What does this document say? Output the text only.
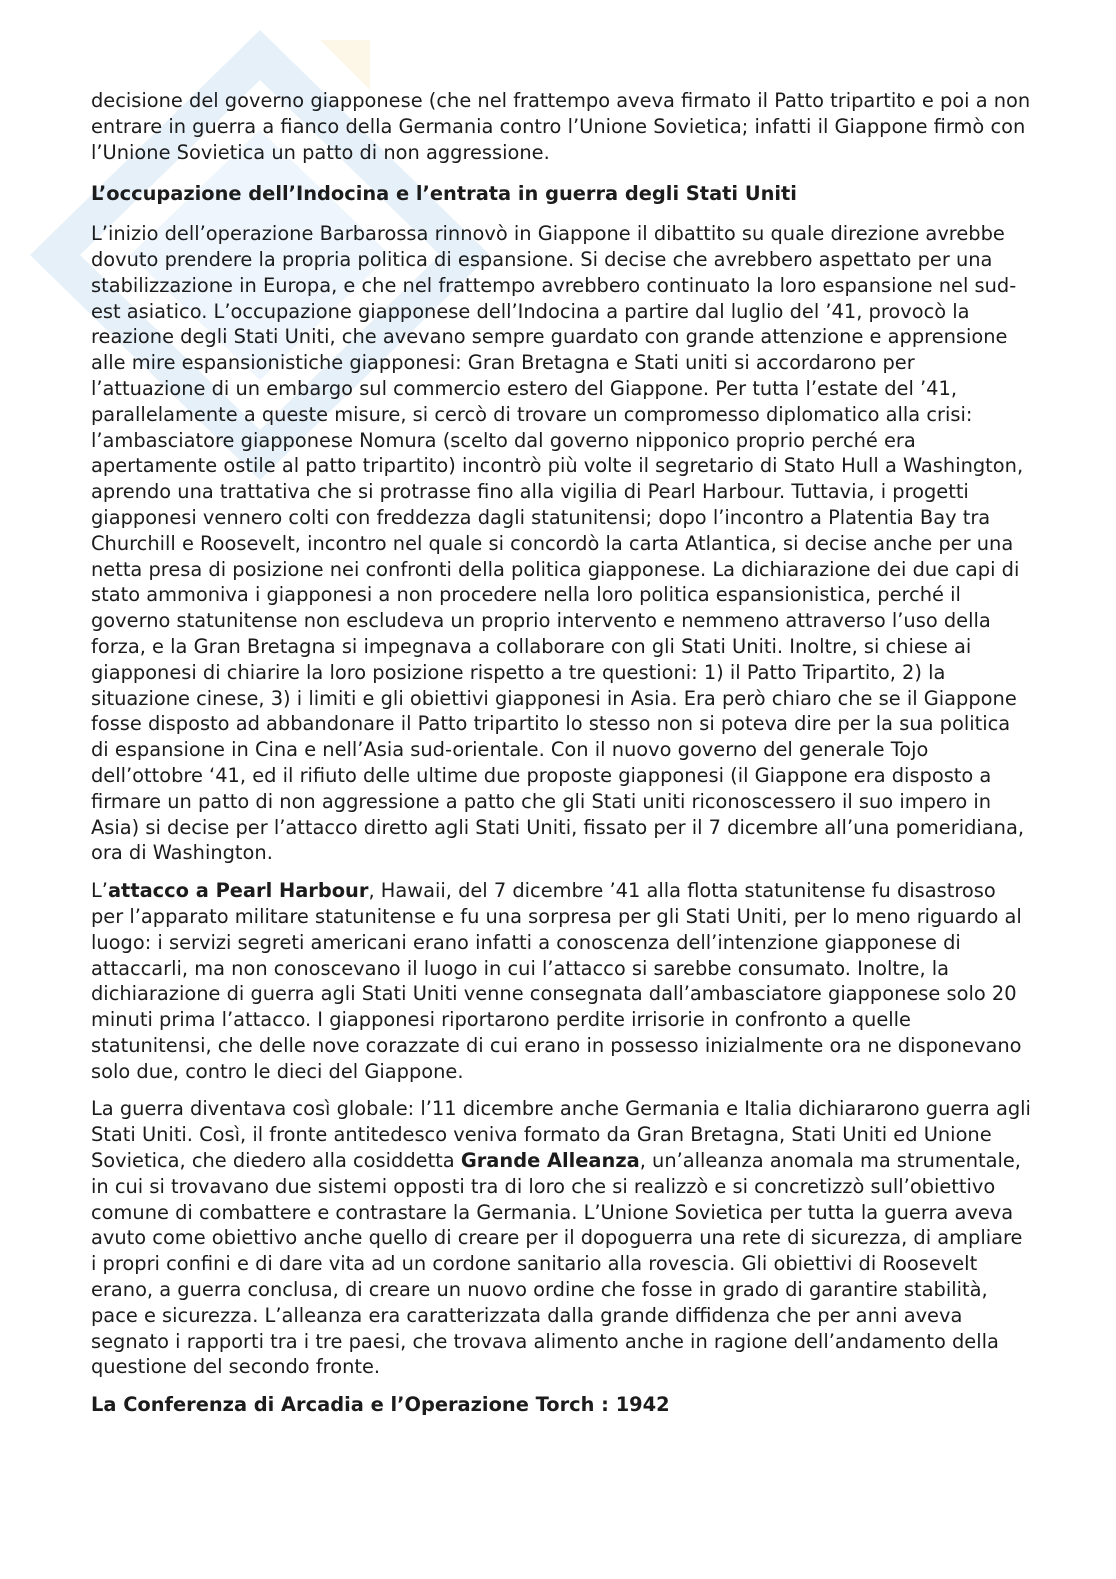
decisione del governo giapponese (che nel frattempo aveva firmato il Patto tripartito e poi a non entrare in guerra a fianco della Germania contro l’Unione Sovietica; infatti il Giappone firmò con l’Unione Sovietica un patto di non aggressione.

L’occupazione dell’Indocina e l’entrata in guerra degli Stati Uniti

L’inizio dell’operazione Barbarossa rinnovò in Giappone il dibattito su quale direzione avrebbe dovuto prendere la propria politica di espansione. Si decise che avrebbero aspettato per una stabilizzazione in Europa, e che nel frattempo avrebbero continuato la loro espansione nel sud-est asiatico. L’occupazione giapponese dell’Indocina a partire dal luglio del ’41, provocò la reazione degli Stati Uniti, che avevano sempre guardato con grande attenzione e apprensione alle mire espansionistiche giapponesi: Gran Bretagna e Stati uniti si accordarono per l’attuazione di un embargo sul commercio estero del Giappone. Per tutta l’estate del ’41, parallelamente a queste misure, si cercò di trovare un compromesso diplomatico alla crisi: l’ambasciatore giapponese Nomura (scelto dal governo nipponico proprio perché era apertamente ostile al patto tripartito) incontrò più volte il segretario di Stato Hull a Washington, aprendo una trattativa che si protrasse fino alla vigilia di Pearl Harbour. Tuttavia, i progetti giapponesi vennero colti con freddezza dagli statunitensi; dopo l’incontro a Platentia Bay tra Churchill e Roosevelt, incontro nel quale si concordò la carta Atlantica, si decise anche per una netta presa di posizione nei confronti della politica giapponese. La dichiarazione dei due capi di stato ammoniva i giapponesi a non procedere nella loro politica espansionistica, perché il governo statunitense non escludeva un proprio intervento e nemmeno attraverso l’uso della forza, e la Gran Bretagna si impegnava a collaborare con gli Stati Uniti. Inoltre, si chiese ai giapponesi di chiarire la loro posizione rispetto a tre questioni: 1) il Patto Tripartito, 2) la situazione cinese, 3) i limiti e gli obiettivi giapponesi in Asia. Era però chiaro che se il Giappone fosse disposto ad abbandonare il Patto tripartito lo stesso non si poteva dire per la sua politica di espansione in Cina e nell’Asia sud-orientale. Con il nuovo governo del generale Tojo dell’ottobre ‘41, ed il rifiuto delle ultime due proposte giapponesi (il Giappone era disposto a firmare un patto di non aggressione a patto che gli Stati uniti riconoscessero il suo impero in Asia) si decise per l’attacco diretto agli Stati Uniti, fissato per il 7 dicembre all’una pomeridiana, ora di Washington.

L’attacco a Pearl Harbour, Hawaii, del 7 dicembre ’41 alla flotta statunitense fu disastroso per l’apparato militare statunitense e fu una sorpresa per gli Stati Uniti, per lo meno riguardo al luogo: i servizi segreti americani erano infatti a conoscenza dell’intenzione giapponese di attaccarli, ma non conoscevano il luogo in cui l’attacco si sarebbe consumato. Inoltre, la dichiarazione di guerra agli Stati Uniti venne consegnata dall’ambasciatore giapponese solo 20 minuti prima l’attacco. I giapponesi riportarono perdite irrisorie in confronto a quelle statunitensi, che delle nove corazzate di cui erano in possesso inizialmente ora ne disponevano solo due, contro le dieci del Giappone.

La guerra diventava così globale: l’11 dicembre anche Germania e Italia dichiararono guerra agli Stati Uniti. Così, il fronte antitedesco veniva formato da Gran Bretagna, Stati Uniti ed Unione Sovietica, che diedero alla cosiddetta Grande Alleanza, un’alleanza anomala ma strumentale, in cui si trovavano due sistemi opposti tra di loro che si realizzò e si concretizzò sull’obiettivo comune di combattere e contrastare la Germania. L’Unione Sovietica per tutta la guerra aveva avuto come obiettivo anche quello di creare per il dopoguerra una rete di sicurezza, di ampliare i propri confini e di dare vita ad un cordone sanitario alla rovescia. Gli obiettivi di Roosevelt erano, a guerra conclusa, di creare un nuovo ordine che fosse in grado di garantire stabilità, pace e sicurezza. L’alleanza era caratterizzata dalla grande diffidenza che per anni aveva segnato i rapporti tra i tre paesi, che trovava alimento anche in ragione dell’andamento della questione del secondo fronte.

La Conferenza di Arcadia e l’Operazione Torch : 1942
